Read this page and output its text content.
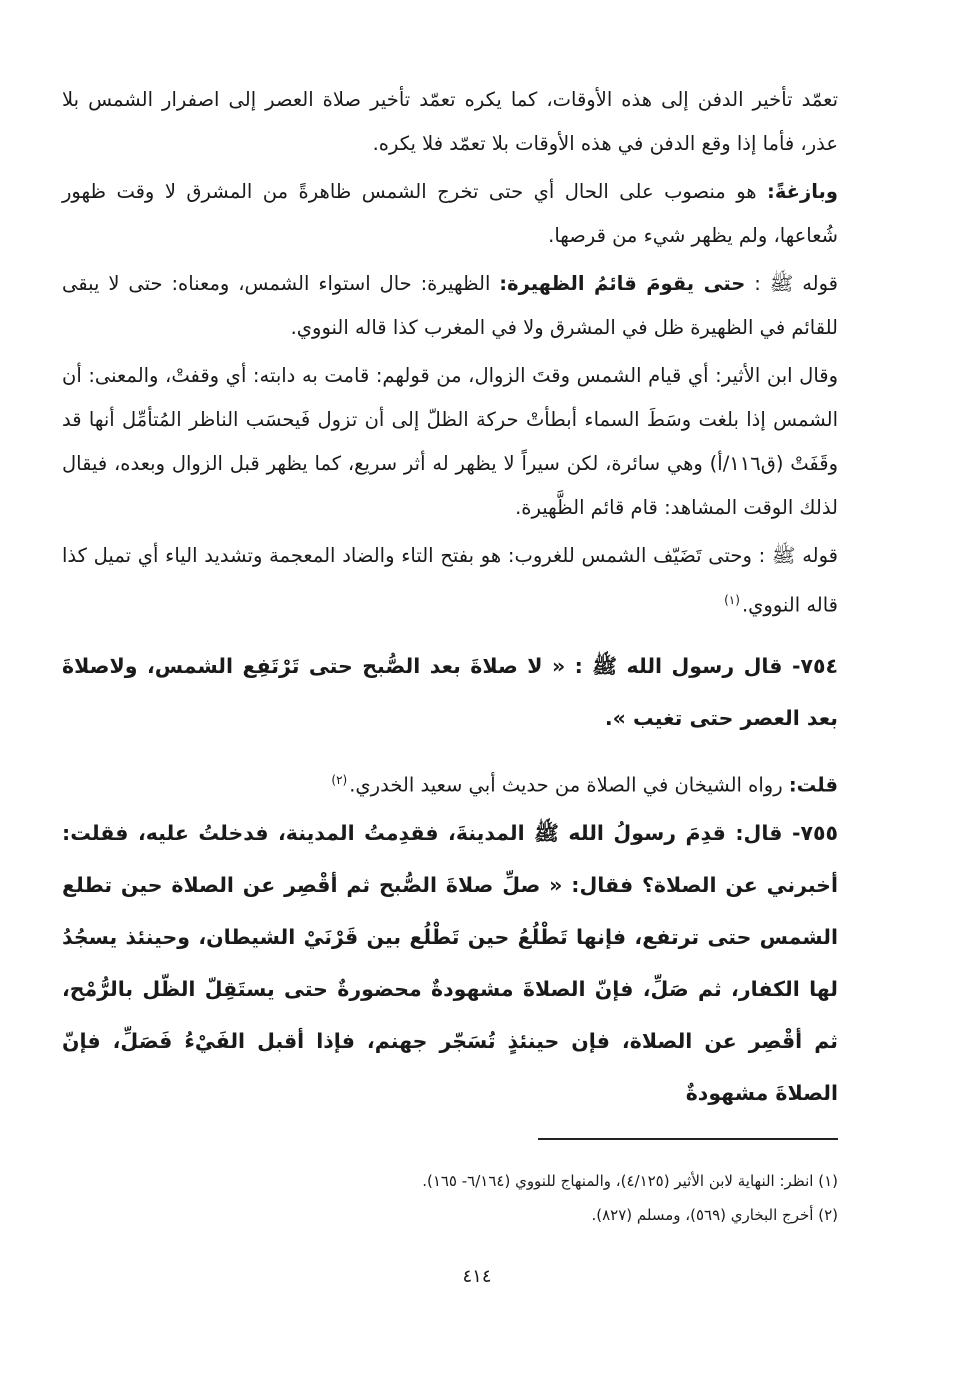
تعمّد تأخير الدفن إلى هذه الأوقات، كما يكره تعمّد تأخير صلاة العصر إلى اصفرار الشمس بلا عذر، فأما إذا وقع الدفن في هذه الأوقات بلا تعمّد فلا يكره.

وبازغةً: هو منصوب على الحال أي حتى تخرج الشمس ظاهرةً من المشرق لا وقت ظهور شُعاعها، ولم يظهر شيء من قرصها.

قوله ﷺ : حتى يقومَ قائمُ الظهيرة: الظهيرة: حال استواء الشمس، ومعناه: حتى لا يبقى للقائم في الظهيرة ظل في المشرق ولا في المغرب كذا قاله النووي.

وقال ابن الأثير: أي قيام الشمس وقتَ الزوال، من قولهم: قامت به دابته: أي وقفتْ، والمعنى: أن الشمس إذا بلغت وسَطَ السماء أبطأتْ حركة الظلّ إلى أن تزول فَيحسَب الناظر المُتأمِّل أنها قد وقَفَتْ (ق١١٦/أ) وهي سائرة، لكن سيراً لا يظهر له أثر سريع، كما يظهر قبل الزوال وبعده، فيقال لذلك الوقت المشاهد: قام قائم الظَّهيرة.

قوله ﷺ : وحتى تَضَيّف الشمس للغروب: هو بفتح التاء والضاد المعجمة وتشديد الياء أي تميل كذا قاله النووي.$^{(١)}$

٧٥٤- قال رسول الله ﷺ : « لا صلاةَ بعد الصُّبح حتى تَرْتَفِع الشمس، ولاصلاةَ بعد العصر حتى تغيب ».

قلت: رواه الشيخان في الصلاة من حديث أبي سعيد الخدري.$^{(٢)}$

٧٥٥- قال: قدِمَ رسولُ الله ﷺ المدينةَ، فقدِمتُ المدينة، فدخلتُ عليه، فقلت: أخبرني عن الصلاة؟ فقال: « صلِّ صلاةَ الصُّبح ثم أقْصِر عن الصلاة حين تطلع الشمس حتى ترتفع، فإنها تَطْلُعُ حين تَطْلُع بين قَرْنَيْ الشيطان، وحينئذ يسجُدُ لها الكفار، ثم صَلِّ، فإنّ الصلاةَ مشهودةٌ محضورةٌ حتى يستَقِلّ الظّل بالرُّمْح، ثم أقْصِر عن الصلاة، فإن حينئذٍ تُسَجّر جهنم، فإذا أقبل الفَيْءُ فَصَلِّ، فإنّ الصلاةَ مشهودةٌ

(١) انظر: النهاية لابن الأثير (٤/١٢٥)، والمنهاج للنووي (٦/١٦٤- ١٦٥).

(٢) أخرج البخاري (٥٦٩)، ومسلم (٨٢٧).

٤١٤
